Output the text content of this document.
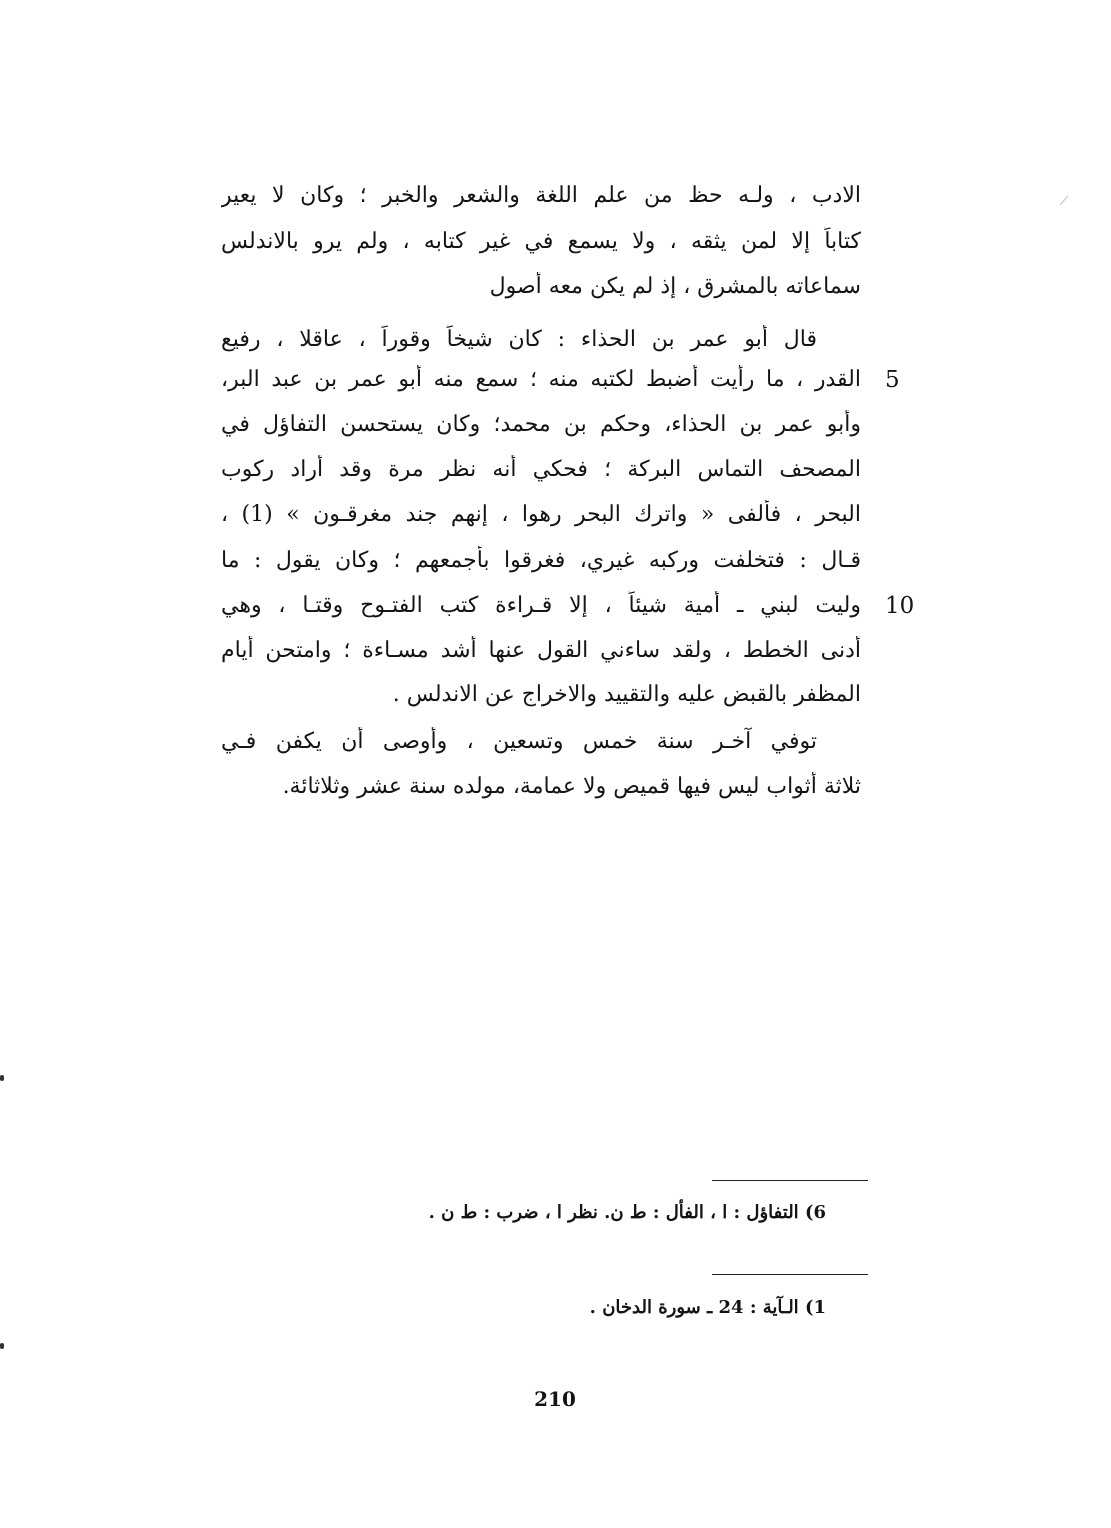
الادب ، ولـه حظ من علم اللغة والشعر والخبر ؛ وكان لا يعير
كتاباً إلا لمن يثقه ، ولا يسمع في غير كتابه ، ولم يرو بالاندلس
سماعاته بالمشرق ، إذ لم يكن معه أصول
قال أبو عمر بن الحذاء : كان شيخاً وقوراً ، عاقلا ، رفيع
القدر ، ما رأيت أضبط لكتبه منه ؛ سمع منه أبو عمر بن عبد البر،
وأبو عمر بن الحذاء، وحكم بن محمد؛ وكان يستحسن التفاؤل في
المصحف التماس البركة ؛ فحكي أنه نظر مرة وقد أراد ركوب
البحر ، فألفى « واترك البحر رهوا ، إنهم جند مغرقـون » (1) ،
قـال : فتخلفت وركبه غيري، فغرقوا بأجمعهم ؛ وكان يقول : ما
وليت لبني ـ أمية شيئاً ، إلا قـراءة كتب الفتـوح وقتـا ، وهي
أدنى الخطط ، ولقد ساءني القول عنها أشد مسـاءة ؛ وامتحن أيام
المظفر بالقبض عليه والتقييد والاخراج عن الاندلس .
توفي آخـر سنة خمس وتسعين ، وأوصى أن يكفن فـي
ثلاثة أثواب ليس فيها قميص ولا عمامة، مولده سنة عشر وثلاثائة.
5
10
6) التفاؤل : ا ، الفأل : ط ن. نظر ا ، ضرب : ط ن .
1) الـآية : 24 ـ سورة الدخان .
210
